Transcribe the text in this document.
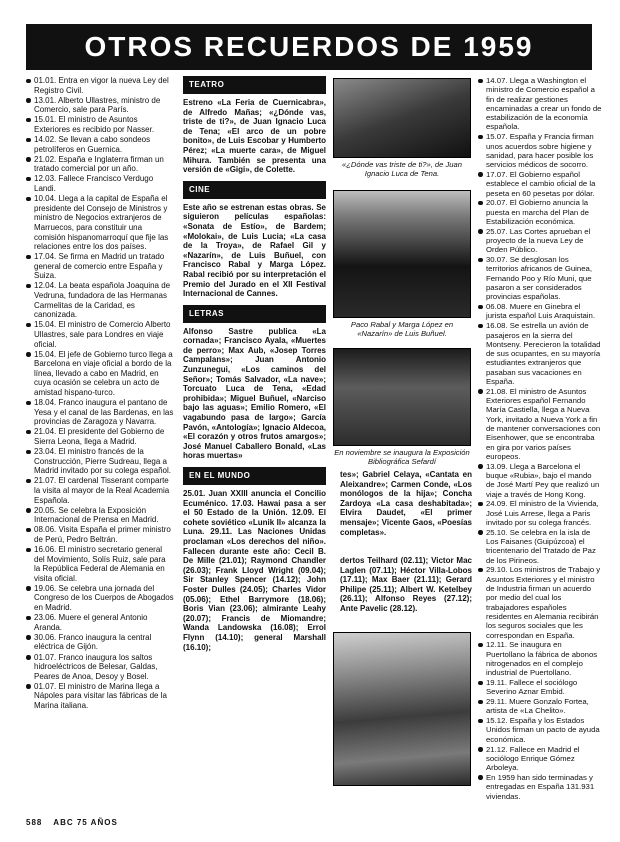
OTROS RECUERDOS DE 1959
01.01. Entra en vigor la nueva Ley del Registro Civil.
13.01. Alberto Ullastres, ministro de Comercio, sale para París.
15.01. El ministro de Asuntos Exteriores es recibido por Nasser.
14.02. Se llevan a cabo sondeos petrolíferos en Guernica.
21.02. España e Inglaterra firman un tratado comercial por un año.
12.03. Fallece Francisco Verdugo Landi.
10.04. Llega a la capital de España el presidente del Consejo de Ministros y ministro de Negocios extranjeros de Marruecos, para constituir una comisión hispanomarroquí que fije las relaciones entre los dos países.
17.04. Se firma en Madrid un tratado general de comercio entre España y Suiza.
12.04. La beata española Joaquina de Vedruna, fundadora de las Hermanas Carmelitas de la Caridad, es canonizada.
15.04. El ministro de Comercio Alberto Ullastres, sale para Londres en viaje oficial.
15.04. El jefe de Gobierno turco llega a Barcelona en viaje oficial a bordo de la línea, llevado a cabo en Madrid, en cuya ocasión se celebra un acto de amistad hispano-turco.
18.04. Franco inaugura el pantano de Yesa y el canal de las Bardenas, en las provincias de Zaragoza y Navarra.
21.04. El presidente del Gobierno de Sierra Leona, llega a Madrid.
23.04. El ministro francés de la Construcción, Pierre Sudreau, llega a Madrid invitado por su colega español.
21.07. El cardenal Tisserant comparte la visita al mayor de la Real Academia Española.
20.05. Se celebra la Exposición Internacional de Prensa en Madrid.
08.06. Visita España el primer ministro de Perú, Pedro Beltrán.
16.06. El ministro secretario general del Movimiento, Solís Ruiz, sale para la República Federal de Alemania en visita oficial.
19.06. Se celebra una jornada del Congreso de los Cuerpos de Abogados en Madrid.
23.06. Muere el general Antonio Aranda.
30.06. Franco inaugura la central eléctrica de Gijón.
01.07. Franco inaugura los saltos hidroeléctricos de Belesar, Galdas, Peares de Anoa, Desoy y Bosel.
01.07. El ministro de Marina llega a Nápoles para visitar las fábricas de la Marina italiana.
TEATRO

Estreno «La Feria de Cuernicabra», de Alfredo Mañas; «¿Dónde vas, triste de ti?», de Juan Ignacio Luca de Tena; «El arco de un pobre bonito», de Luis Escobar y Humberto Pérez; «La muerte cara», de Miguel Mihura. También se presenta una versión de «Gigi», de Colette.

CINE

Este año se estrenan estas obras. Se siguieron películas españolas: «Sonata de Estío», de Bardem; «Molokai», de Luis Lucia; «La casa de la Troya», de Rafael Gil y «Nazarín», de Luis Buñuel, con Francisco Rabal y Marga López. Rabal recibió por su interpretación el Premio del Jurado en el XII Festival Internacional de Cannes.

LETRAS

Alfonso Sastre publica «La cornada»; Francisco Ayala, «Muertes de perro»; Max Aub, «Josep Torres Campalans»; Juan Antonio Zunzunegui, «Los caminos del Señor»; Tomás Salvador, «La nave»; Torcuato Luca de Tena, «Edad prohibida»; Miguel Buñuel, «Narciso bajo las aguas»; Emilio Romero, «El vagabundo pasa de largo»; García Pavón, «Antología»; Ignacio Aldecoa, «El corazón y otros frutos amargos»; José Manuel Caballero Bonald, «Las horas muertas»

EN EL MUNDO

25.01. Juan XXIII anuncia el Concilio Ecuménico. 17.03. Hawai pasa a ser el 50 Estado de la Unión. 12.09. El cohete soviético «Lunik II» alcanza la Luna. 29.11. Las Naciones Unidas proclaman «Los derechos del niño». Fallecen durante este año: Cecil B. De Mille (21.01); Raymond Chandler (26.03); Frank Lloyd Wright (09.04); Sir Stanley Spencer (14.12); John Foster Dulles (24.05); Charles Vidor (05.06); Ethel Barrymore (18.06); Boris Vian (23.06); almirante Leahy (20.07); Francis de Miomandre; Wanda Landowska (16.08); Errol Flynn (14.10); general Marshall (16.10);

«¿Dónde vas triste de ti?», de Juan Ignacio Luca de Tena.
Paco Rabal y Marga López en «Nazarín» de Luis Buñuel.
En noviembre se inaugura la Exposición Bibliográfica Sefardí
tes»; Gabriel Celaya, «Cantata en Aleixandre»; Carmen Conde, «Los monólogos de la hija»; Concha Zardoya «La casa deshabitada»; Elvira Daudet, «El primer mensaje»; Vicente Gaos, «Poesías completas».
dertos Teilhard (02.11); Victor Mac Laglen (07.11); Héctor Villa-Lobos (17.11); Max Baer (21.11); Gerard Philipe (25.11); Albert W. Ketelbey (26.11); Alfonso Reyes (27.12); Ante Pavelic (28.12).
14.07. Llega a Washington el ministro de Comercio español a fin de realizar gestiones encaminadas a crear un fondo de estabilización de la economía española.
15.07. España y Francia firman unos acuerdos sobre higiene y sanidad, para hacer posible los servicios médicos de socorro.
17.07. El Gobierno español establece el cambio oficial de la peseta en 60 pesetas por dólar.
20.07. El Gobierno anuncia la puesta en marcha del Plan de Estabilización económica.
25.07. Las Cortes aprueban el proyecto de la nueva Ley de Orden Público.
30.07. Se desglosan los territorios africanos de Guinea, Fernando Poo y Río Muni, que pasaron a ser considerados provincias españolas.
06.08. Muere en Ginebra el jurista español Luis Araquistain.
16.08. Se estrella un avión de pasajeros en la sierra del Montseny. Perecieron la totalidad de sus ocupantes, en su mayoría estudiantes extranjeros que pasaban sus vacaciones en España.
21.08. El ministro de Asuntos Exteriores español Fernando María Castiella, llega a Nueva York, invitado a Nueva York a fin de mantener conversaciones con Eisenhower, que se encontraba en gira por varios países europeos.
13.09. Llega a Barcelona el buque «Rubia», bajo el mando de José Martí Pey que realizó un viaje a través de Hong Kong.
24.09. El ministro de la Vivienda, José Luis Arrese, llega a Paris invitado por su colega francés.
25.10. Se celebra en la isla de Los Faisanes (Guipúzcoa) el tricentenario del Tratado de Paz de los Pirineos.
29.10. Los ministros de Trabajo y Asuntos Exteriores y el ministro de Industria firman un acuerdo por medio del cual los trabajadores españoles residentes en Alemania recibirán los seguros sociales que les correspondan en España.
12.11. Se inaugura en Puertollano la fábrica de abonos nitrogenados en el complejo industrial de Puertollano.
19.11. Fallece el sociólogo Severino Aznar Embid.
29.11. Muere Gonzalo Fortea, artista de «La Chelito».
15.12. España y los Estados Unidos firman un pacto de ayuda económica.
21.12. Fallece en Madrid el sociólogo Enrique Gómez Arboleya.
En 1959 han sido terminadas y entregadas en España 131.931 viviendas.
588 ABC 75 AÑOS
